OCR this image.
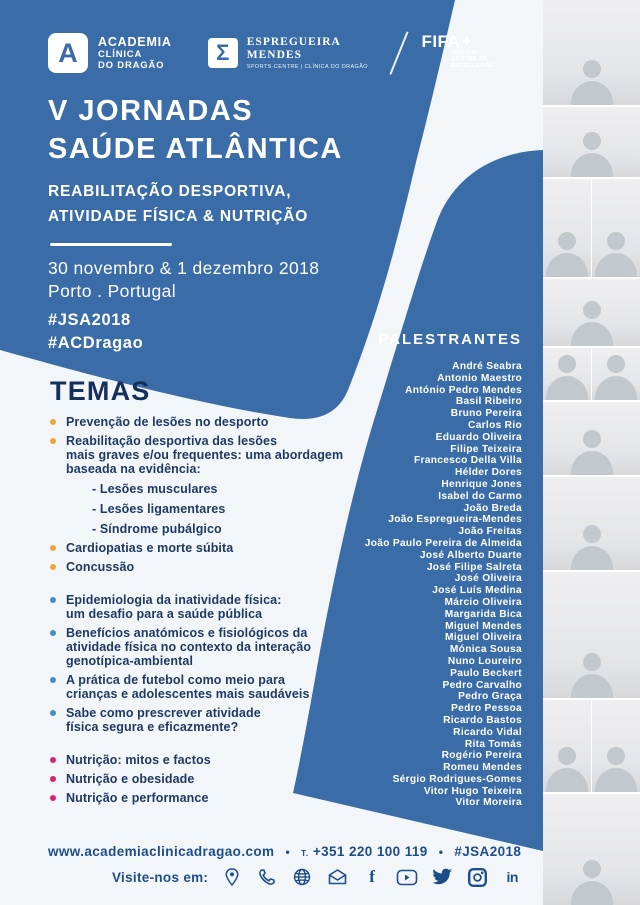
A	ACADEMIA
CLÍNICA
DO DRAGÃO
Σ	ESPREGUEIRA
MENDES
SPORTS-CENTRE | CLÍNICA DO DRAGÃO
FIFA ✚
MEDICAL
CENTRE OF
EXCELLENCE
V JORNADAS
SAÚDE ATLÂNTICA
REABILITAÇÃO DESPORTIVA,
ATIVIDADE FÍSICA & NUTRIÇÃO
30 novembro & 1 dezembro 2018
Porto . Portugal
#JSA2018
#ACDragao
TEMAS
Prevenção de lesões no desporto
Reabilitação desportiva das lesões
mais graves e/ou frequentes: uma abordagem
baseada na evidência:
- Lesões musculares
- Lesões ligamentares
- Síndrome pubálgico
Cardiopatias e morte súbita
Concussão
Epidemiologia da inatividade física:
um desafio para a saúde pública
Benefícios anatómicos e fisiológicos da
atividade física no contexto da interação
genotípica-ambiental
A prática de futebol como meio para
crianças e adolescentes mais saudáveis
Sabe como prescrever atividade
física segura e eficazmente?
Nutrição: mitos e factos
Nutrição e obesidade
Nutrição e performance
PALESTRANTES
André Seabra
Antonio Maestro
António Pedro Mendes
Basil Ribeiro
Bruno Pereira
Carlos Rio
Eduardo Oliveira
Filipe Teixeira
Francesco Della Villa
Hélder Dores
Henrique Jones
Isabel do Carmo
João Breda
João Espregueira-Mendes
João Freitas
João Paulo Pereira de Almeida
José Alberto Duarte
José Filipe Salreta
José Oliveira
José Luís Medina
Márcio Oliveira
Margarida Bica
Miguel Mendes
Miguel Oliveira
Mónica Sousa
Nuno Loureiro
Paulo Beckert
Pedro Carvalho
Pedro Graça
Pedro Pessoa
Ricardo Bastos
Ricardo Vidal
Rita Tomás
Rogério Pereira
Romeu Mendes
Sérgio Rodrigues-Gomes
Vitor Hugo Teixeira
Vitor Moreira
www.academiaclinicadragao.com • T. +351 220 100 119 • #JSA2018
Visite-nos em:	f	in
